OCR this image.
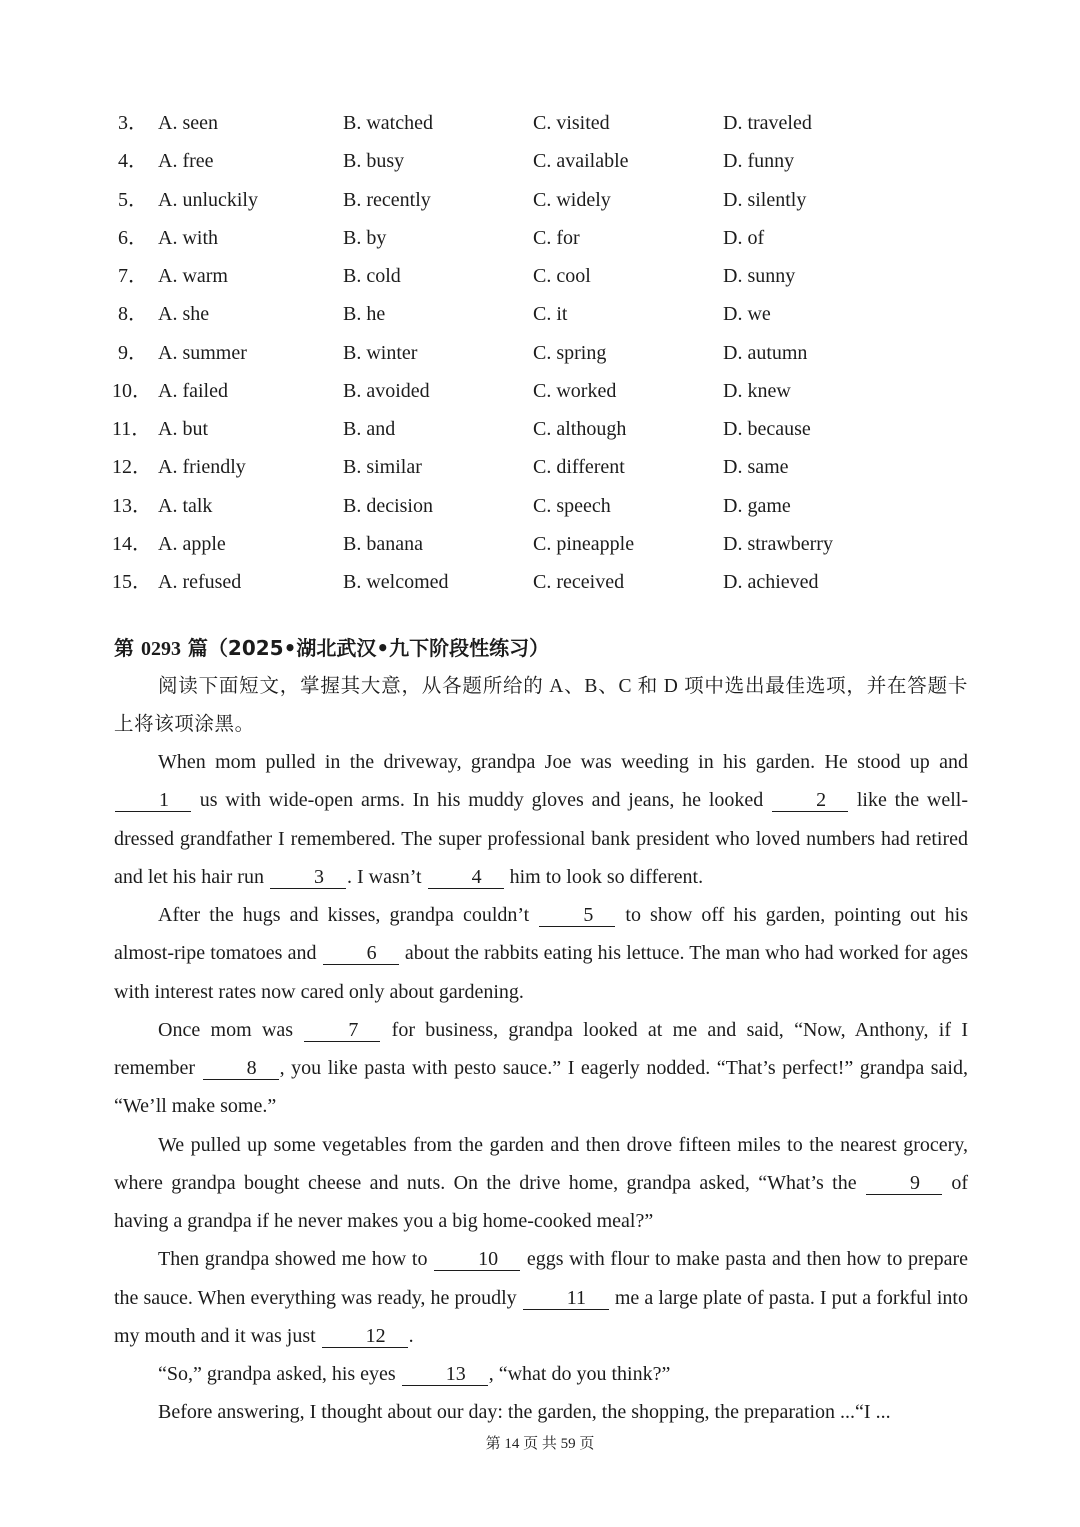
3． A. seen	B. watched	C. visited	D. traveled
4． A. free	B. busy	C. available	D. funny
5． A. unluckily	B. recently	C. widely	D. silently
6． A. with	B. by	C. for	D. of
7． A. warm	B. cold	C. cool	D. sunny
8． A. she	B. he	C. it	D. we
9． A. summer	B. winter	C. spring	D. autumn
10． A. failed	B. avoided	C. worked	D. knew
11． A. but	B. and	C. although	D. because
12． A. friendly	B. similar	C. different	D. same
13． A. talk	B. decision	C. speech	D. game
14． A. apple	B. banana	C. pineapple	D. strawberry
15． A. refused	B. welcomed	C. received	D. achieved
第 0293 篇（2025•湖北武汉•九下阶段性练习）
阅读下面短文，掌握其大意，从各题所给的 A、B、C 和 D 项中选出最佳选项，并在答题卡上将该项涂黑。
When mom pulled in the driveway, grandpa Joe was weeding in his garden. He stood up and 1 us with wide-open arms. In his muddy gloves and jeans, he looked 2 like the well-dressed grandfather I remembered. The super professional bank president who loved numbers had retired and let his hair run 3 . I wasn’t 4 him to look so different.
After the hugs and kisses, grandpa couldn’t 5 to show off his garden, pointing out his almost-ripe tomatoes and 6 about the rabbits eating his lettuce. The man who had worked for ages with interest rates now cared only about gardening.
Once mom was 7 for business, grandpa looked at me and said, “Now, Anthony, if I remember 8 , you like pasta with pesto sauce.” I eagerly nodded. “That’s perfect!” grandpa said, “We’ll make some.”
We pulled up some vegetables from the garden and then drove fifteen miles to the nearest grocery, where grandpa bought cheese and nuts. On the drive home, grandpa asked, “What’s the 9 of having a grandpa if he never makes you a big home-cooked meal?”
Then grandpa showed me how to 10 eggs with flour to make pasta and then how to prepare the sauce. When everything was ready, he proudly 11 me a large plate of pasta. I put a forkful into my mouth and it was just 12 .
“So,” grandpa asked, his eyes 13 , “what do you think?”
Before answering, I thought about our day: the garden, the shopping, the preparation ...“I ...
第 14 页 共 59 页
